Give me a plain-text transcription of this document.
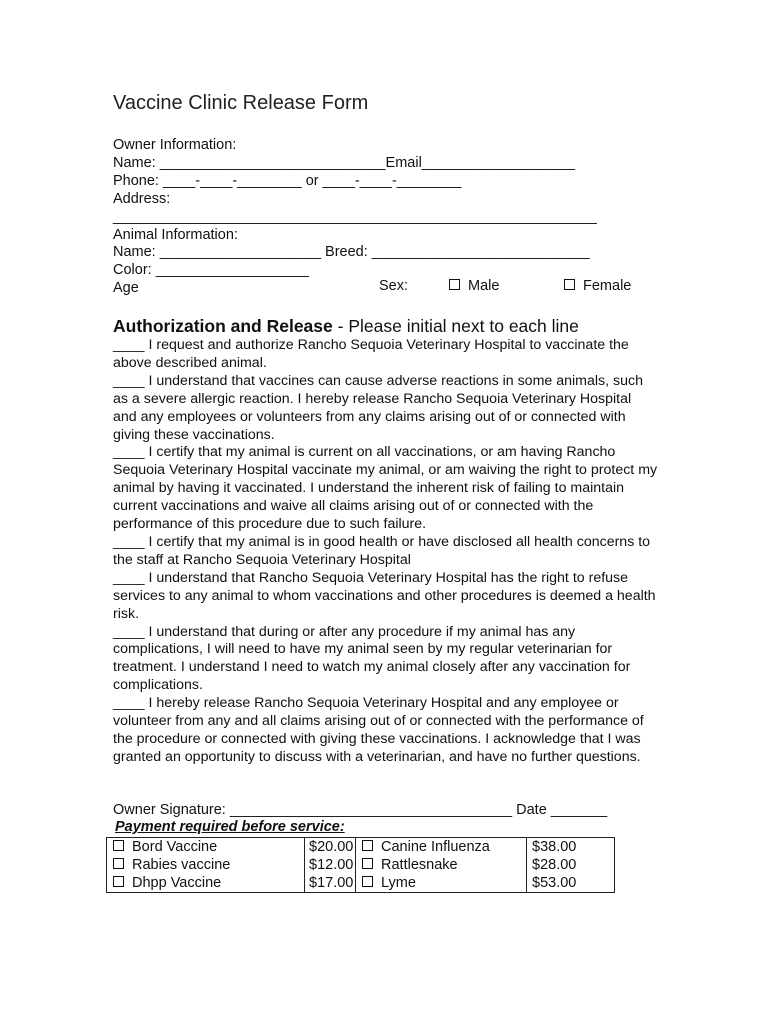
Vaccine Clinic Release Form
Owner Information:
Name: ____________________________Email___________________
Phone: ____-____-________ or ____-____-________
Address:
____________________________________________________________
Animal Information:
Name: ____________________ Breed: ___________________________
Color: ___________________
Age	Sex:	Male	Female
Authorization and Release - Please initial next to each line

____ I request and authorize Rancho Sequoia Veterinary Hospital to vaccinate the above described animal.

____ I understand that vaccines can cause adverse reactions in some animals, such as a severe allergic reaction. I hereby release Rancho Sequoia Veterinary Hospital and any employees or volunteers from any claims arising out of or connected with giving these vaccinations.

____ I certify that my animal is current on all vaccinations, or am having Rancho Sequoia Veterinary Hospital vaccinate my animal, or am waiving the right to protect my animal by having it vaccinated. I understand the inherent risk of failing to maintain current vaccinations and waive all claims arising out of or connected with the performance of this procedure due to such failure.

____ I certify that my animal is in good health or have disclosed all health concerns to the staff at Rancho Sequoia Veterinary Hospital

____ I understand that Rancho Sequoia Veterinary Hospital has the right to refuse services to any animal to whom vaccinations and other procedures is deemed a health risk.

____ I understand that during or after any procedure if my animal has any complications, I will need to have my animal seen by my regular veterinarian for treatment. I understand I need to watch my animal closely after any vaccination for complications.

____ I hereby release Rancho Sequoia Veterinary Hospital and any employee or volunteer from any and all claims arising out of or connected with the performance of the procedure or connected with giving these vaccinations. I acknowledge that I was granted an opportunity to discuss with a veterinarian, and have no further questions.

Owner Signature: ___________________________________ Date _______
Payment required before service:
Bord Vaccine	$20.00	Canine Influenza	$38.00
Rabies vaccine	$12.00	Rattlesnake	$28.00
Dhpp Vaccine	$17.00	Lyme	$53.00
